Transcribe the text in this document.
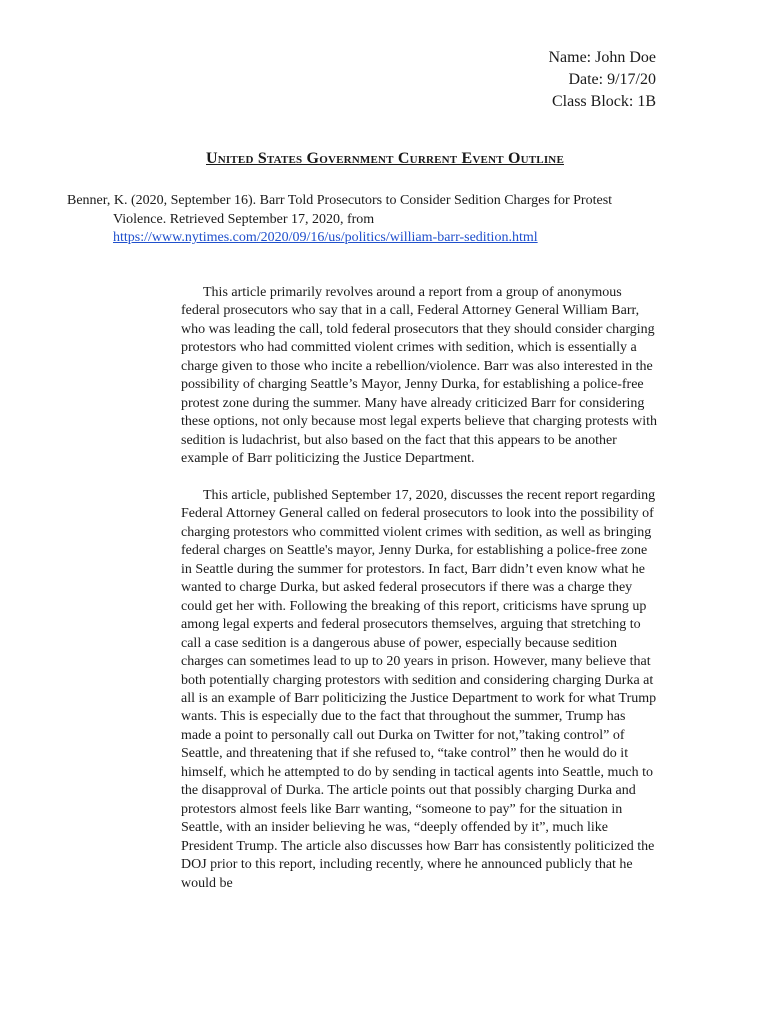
Name: John Doe
Date: 9/17/20
Class Block: 1B
United States Government Current Event Outline

Benner, K. (2020, September 16). Barr Told Prosecutors to Consider Sedition Charges for Protest Violence. Retrieved September 17, 2020, from https://www.nytimes.com/2020/09/16/us/politics/william-barr-sedition.html

This article primarily revolves around a report from a group of anonymous federal prosecutors who say that in a call, Federal Attorney General William Barr, who was leading the call, told federal prosecutors that they should consider charging protestors who had committed violent crimes with sedition, which is essentially a charge given to those who incite a rebellion/violence. Barr was also interested in the possibility of charging Seattle’s Mayor, Jenny Durka, for establishing a police-free protest zone during the summer. Many have already criticized Barr for considering these options, not only because most legal experts believe that charging protests with sedition is ludachrist, but also based on the fact that this appears to be another example of Barr politicizing the Justice Department.

This article, published September 17, 2020, discusses the recent report regarding Federal Attorney General called on federal prosecutors to look into the possibility of charging protestors who committed violent crimes with sedition, as well as bringing federal charges on Seattle's mayor, Jenny Durka, for establishing a police-free zone in Seattle during the summer for protestors. In fact, Barr didn’t even know what he wanted to charge Durka, but asked federal prosecutors if there was a charge they could get her with. Following the breaking of this report, criticisms have sprung up among legal experts and federal prosecutors themselves, arguing that stretching to call a case sedition is a dangerous abuse of power, especially because sedition charges can sometimes lead to up to 20 years in prison. However, many believe that both potentially charging protestors with sedition and considering charging Durka at all is an example of Barr politicizing the Justice Department to work for what Trump wants. This is especially due to the fact that throughout the summer, Trump has made a point to personally call out Durka on Twitter for not,”taking control” of Seattle, and threatening that if she refused to, “take control” then he would do it himself, which he attempted to do by sending in tactical agents into Seattle, much to the disapproval of Durka. The article points out that possibly charging Durka and protestors almost feels like Barr wanting, “someone to pay” for the situation in Seattle, with an insider believing he was, “deeply offended by it”, much like President Trump. The article also discusses how Barr has consistently politicized the DOJ prior to this report, including recently, where he announced publicly that he would be
